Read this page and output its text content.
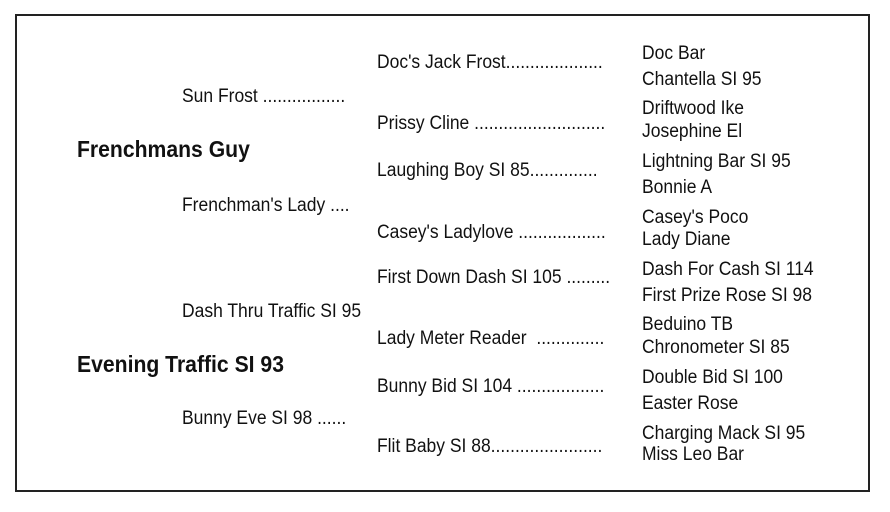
Frenchmans Guy
Evening Traffic SI 93
Sun Frost .................
Frenchman's Lady ....
Dash Thru Traffic SI 95
Bunny Eve SI 98 ......
Doc's Jack Frost....................
Prissy Cline ...........................
Laughing Boy SI 85..............
Casey's Ladylove ..................
First Down Dash SI 105 .........
Lady Meter Reader  ..............
Bunny Bid SI 104 ..................
Flit Baby SI 88.......................
Doc Bar
Chantella SI 95
Driftwood Ike
Josephine El
Lightning Bar SI 95
Bonnie A
Casey's Poco
Lady Diane
Dash For Cash SI 114
First Prize Rose SI 98
Beduino TB
Chronometer SI 85
Double Bid SI 100
Easter Rose
Charging Mack SI 95
Miss Leo Bar
